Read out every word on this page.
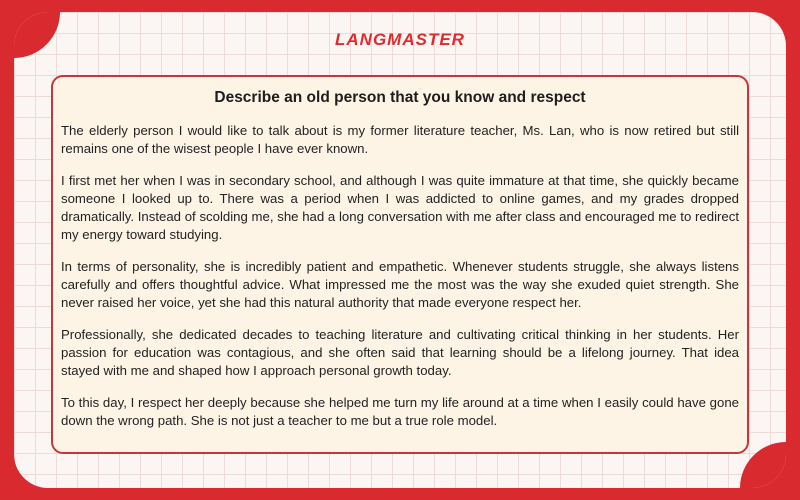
LANGMASTER
Describe an old person that you know and respect

The elderly person I would like to talk about is my former literature teacher, Ms. Lan, who is now retired but still remains one of the wisest people I have ever known.

I first met her when I was in secondary school, and although I was quite immature at that time, she quickly became someone I looked up to. There was a period when I was addicted to online games, and my grades dropped dramatically. Instead of scolding me, she had a long conversation with me after class and encouraged me to redirect my energy toward studying.

In terms of personality, she is incredibly patient and empathetic. Whenever students struggle, she always listens carefully and offers thoughtful advice. What impressed me the most was the way she exuded quiet strength. She never raised her voice, yet she had this natural authority that made everyone respect her.

Professionally, she dedicated decades to teaching literature and cultivating critical thinking in her students. Her passion for education was contagious, and she often said that learning should be a lifelong journey. That idea stayed with me and shaped how I approach personal growth today.

To this day, I respect her deeply because she helped me turn my life around at a time when I easily could have gone down the wrong path. She is not just a teacher to me but a true role model.
